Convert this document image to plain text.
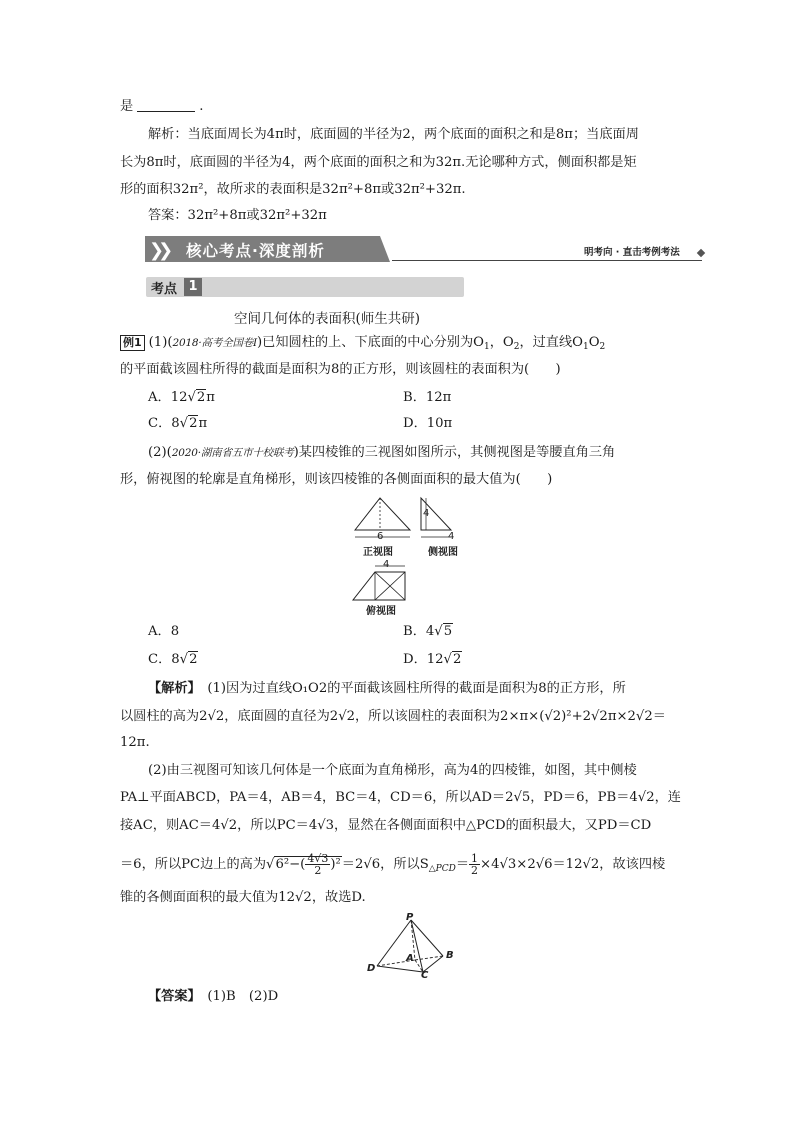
是	.
解析：当底面周长为4π时，底面圆的半径为2，两个底面的面积之和是8π；当底面周
长为8π时，底面圆的半径为4，两个底面的面积之和为32π.无论哪种方式，侧面积都是矩
形的面积32π²，故所求的表面积是32π²+8π或32π²+32π.
答案：32π²+8π或32π²+32π
❯❯ 核心考点·深度剖析	明考向 · 直击考例考法
考点 1
空间几何体的表面积(师生共研)
例1 (1)(2018·高考全国卷Ⅰ)已知圆柱的上、下底面的中心分别为$O_1$，$O_2$，过直线$O_1O_2$
的平面截该圆柱所得的截面是面积为8的正方形，则该圆柱的表面积为(　　)
A．12√2π	B．12π
C．8√2π	D．10π
(2)(2020·湖南省五市十校联考)某四棱锥的三视图如图所示，其侧视图是等腰直角三角
形，俯视图的轮廓是直角梯形，则该四棱锥的各侧面面积的最大值为(　　)
6
4
4
4
正视图	侧视图
俯视图
A．8	B．4√5
C．8√2	D．12√2
【解析】　 (1)因为过直线O₁O2的平面截该圆柱所得的截面是面积为8的正方形，所
以圆柱的高为2√2，底面圆的直径为2√2，所以该圆柱的表面积为2×π×(√2)²+2√2π×2√2＝
12π.
(2)由三视图可知该几何体是一个底面为直角梯形，高为4的四棱锥，如图，其中侧棱
PA⊥平面ABCD，PA＝4，AB＝4，BC＝4，CD＝6，所以AD＝2√5，PD＝6，PB＝4√2，连
接AC，则AC＝4√2，所以PC＝4√3，显然在各侧面面积中△PCD的面积最大，又PD＝CD
＝6，所以PC边上的高为$√6^2-( \frac{4√3}{2} )^2=2√6$，所以$S_{\triangle PCD}= \frac{1}{2} \times 4√3\times 2√6=12√2$，故该四棱
锥的各侧面面积的最大值为12√2，故选D.
P
A	B
C
D
【答案】　 (1)B　(2)D
